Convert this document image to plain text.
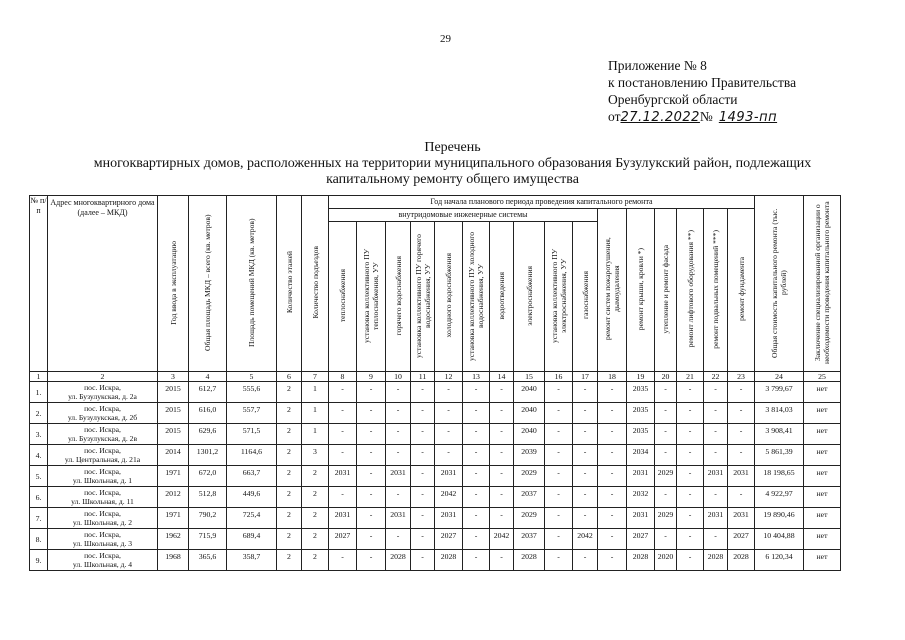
29
Приложение № 8
к постановлению Правительства
Оренбургской области
от27.12.2022№ 1493-пп
Перечень
многоквартирных домов, расположенных на территории муниципального образования Бузулукский район, подлежащих
капитальному ремонту общего имущества
№ п/п	Адрес многоквартирного дома (далее – МКД)	Год ввода в эксплуатацию	Общая площадь МКД – всего (кв. метров)	Площадь помещений МКД (кв. метров)	Количество этажей	Количество подъездов	Год начала планового периода проведения капитального ремонта																Общая стоимость капитального ремонта (тыс. рублей)	Заключение специализированной организации о необходимости проведения капитального ремонта
							внутридомовые инженерные системы										ремонт систем пожаротушения, дымоудаления	ремонт крыши, кровли *)	утепление и ремонт фасада	ремонт лифтового оборудования **)	ремонт подвальных помещений ***)	ремонт фундамента		
							теплоснабжения	установка коллективного ПУ теплоснабжения, УУ	горячего водоснабжения	установка коллективного ПУ горячего водоснабжения, УУ	холодного водоснабжения	установка коллективного ПУ холодного водоснабжения, УУ	водоотведения	электроснабжения	установка коллективного ПУ электроснабжения, УУ	газоснабжения								
1	2	3	4	5	6	7	8	9	10	11	12	13	14	15	16	17	18	19	20	21	22	23	24	25
1.	пос. Искра,
ул. Бузулукская, д. 2а	2015	612,7	555,6	2	1	-	-	-	-	-	-	-	2040	-	-	-	2035	-	-	-	-	3 799,67	нет
2.	пос. Искра,
ул. Бузулукская, д. 2б	2015	616,0	557,7	2	1	-	-	-	-	-	-	-	2040	-	-	-	2035	-	-	-	-	3 814,03	нет
3.	пос. Искра,
ул. Бузулукская, д. 2в	2015	629,6	571,5	2	1	-	-	-	-	-	-	-	2040	-	-	-	2035	-	-	-	-	3 908,41	нет
4.	пос. Искра,
ул. Центральная, д. 21а	2014	1301,2	1164,6	2	3	-	-	-	-	-	-	-	2039	-	-	-	2034	-	-	-	-	5 861,39	нет
5.	пос. Искра,
ул. Школьная, д. 1	1971	672,0	663,7	2	2	2031	-	2031	-	2031	-	-	2029	-	-	-	2031	2029	-	2031	2031	18 198,65	нет
6.	пос. Искра,
ул. Школьная, д. 11	2012	512,8	449,6	2	2	-	-	-	-	2042	-	-	2037	-	-	-	2032	-	-	-	-	4 922,97	нет
7.	пос. Искра,
ул. Школьная, д. 2	1971	790,2	725,4	2	2	2031	-	2031	-	2031	-	-	2029	-	-	-	2031	2029	-	2031	2031	19 890,46	нет
8.	пос. Искра,
ул. Школьная, д. 3	1962	715,9	689,4	2	2	2027	-	-	-	2027	-	2042	2037	-	2042	-	2027	-	-	-	2027	10 404,88	нет
9.	пос. Искра,
ул. Школьная, д. 4	1968	365,6	358,7	2	2	-	-	2028	-	2028	-	-	2028	-	-	-	2028	2020	-	2028	2028	6 120,34	нет
